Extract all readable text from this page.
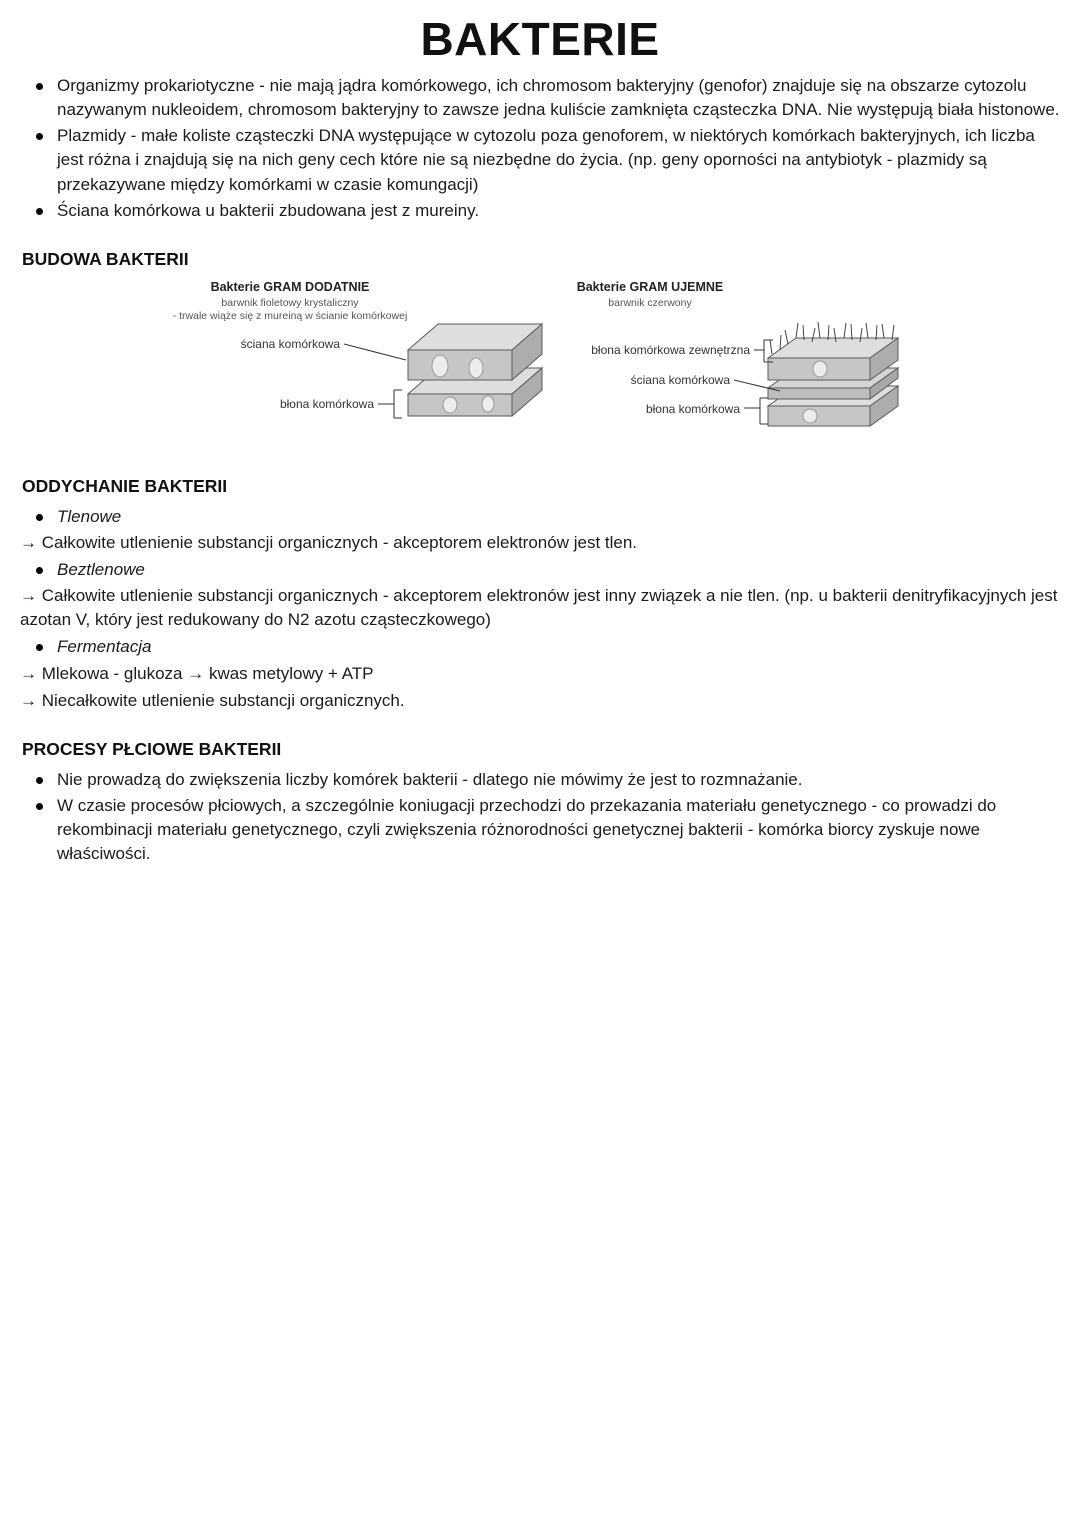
BAKTERIE
Organizmy prokariotyczne - nie mają jądra komórkowego, ich chromosom bakteryjny (genofor) znajduje się na obszarze cytozolu nazywanym nukleoidem, chromosom bakteryjny to zawsze jedna kuliście zamknięta cząsteczka DNA. Nie występują biała histonowe.
Plazmidy - małe koliste cząsteczki DNA występujące w cytozolu poza genoforem, w niektórych komórkach bakteryjnych, ich liczba jest różna i znajdują się na nich geny cech które nie są niezbędne do życia. (np. geny oporności na antybiotyk - plazmidy są przekazywane między komórkami w czasie komungacji)
Ściana komórkowa u bakterii zbudowana jest z mureiny.
BUDOWA BAKTERII
Bakterie GRAM DODATNIE
barwnik fioletowy krystaliczny
- trwale wiąże się z mureiną w ścianie komórkowej
ściana komórkowa
błona komórkowa
Bakterie GRAM UJEMNE
barwnik czerwony
błona komórkowa zewnętrzna
ściana komórkowa
błona komórkowa
ODDYCHANIE BAKTERII
Tlenowe
→ Całkowite utlenienie substancji organicznych - akceptorem elektronów jest tlen.
Beztlenowe
→ Całkowite utlenienie substancji organicznych - akceptorem elektronów jest inny związek a nie tlen. (np. u bakterii denitryfikacyjnych jest azotan V, który jest redukowany do N2 azotu cząsteczkowego)
Fermentacja
→ Mlekowa - glukoza → kwas metylowy + ATP
→ Niecałkowite utlenienie substancji organicznych.
PROCESY PŁCIOWE BAKTERII
Nie prowadzą do zwiększenia liczby komórek bakterii - dlatego nie mówimy że jest to rozmnażanie.
W czasie procesów płciowych, a szczególnie koniugacji przechodzi do przekazania materiału genetycznego - co prowadzi do rekombinacji materiału genetycznego, czyli zwiększenia różnorodności genetycznej bakterii - komórka biorcy zyskuje nowe właściwości.
